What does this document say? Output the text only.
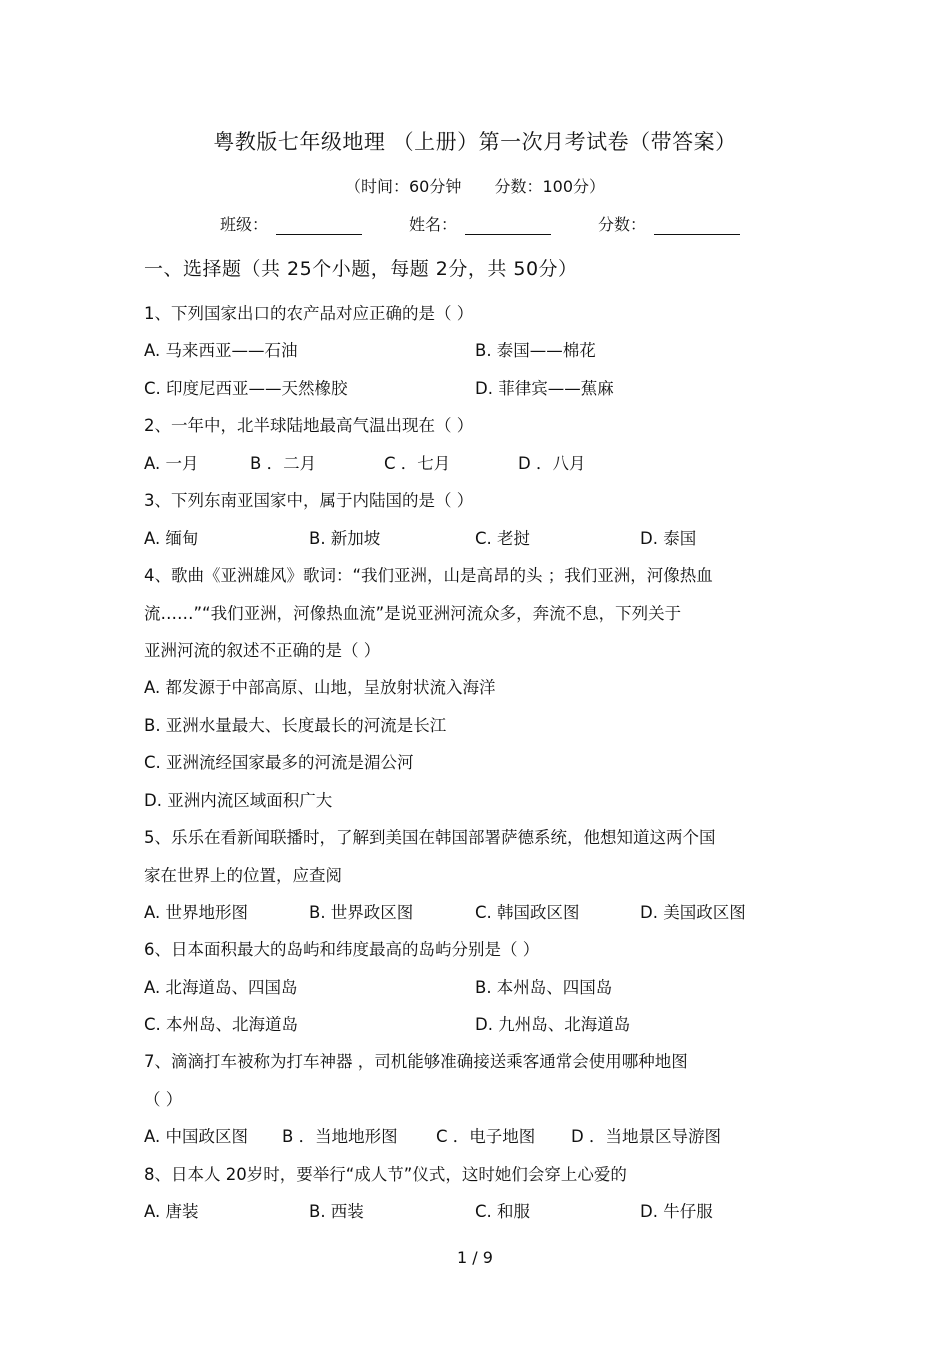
粤教版七年级地理 （上册）第一次月考试卷（带答案）
（时间：60分钟 分数：100分）
班级：	姓名：	分数：
一、选择题（共 25个小题，每题 2分，共 50分）
1、下列国家出口的农产品对应正确的是（ ）
A. 马来西亚——石油	B. 泰国——棉花
C. 印度尼西亚——天然橡胶	D. 菲律宾——蕉麻
2、一年中，北半球陆地最高气温出现在（ ）
A. 一月	B ．二月	C ．七月	D ．八月
3、下列东南亚国家中，属于内陆国的是（ ）
A. 缅甸	B. 新加坡	C. 老挝	D. 泰国
4、歌曲《亚洲雄风》歌词：“我们亚洲，山是高昂的头 ；我们亚洲，河像热血
流……”“我们亚洲，河像热血流”是说亚洲河流众多，奔流不息，下列关于
亚洲河流的叙述不正确的是（ ）
A. 都发源于中部高原、山地，呈放射状流入海洋
B. 亚洲水量最大、长度最长的河流是长江
C. 亚洲流经国家最多的河流是湄公河
D. 亚洲内流区域面积广大
5、乐乐在看新闻联播时，了解到美国在韩国部署萨德系统，他想知道这两个国
家在世界上的位置，应查阅
A. 世界地形图	B. 世界政区图	C. 韩国政区图	D. 美国政区图
6、日本面积最大的岛屿和纬度最高的岛屿分别是（ ）
A. 北海道岛、四国岛	B. 本州岛、四国岛
C. 本州岛、北海道岛	D. 九州岛、北海道岛
7、滴滴打车被称为打车神器 ，司机能够准确接送乘客通常会使用哪种地图
（ ）
A. 中国政区图 B ．当地地形图 C ．电子地图 D ．当地景区导游图
8、日本人 20岁时，要举行“成人节”仪式，这时她们会穿上心爱的
A. 唐装	B. 西装	C. 和服	D. 牛仔服
1 / 9
